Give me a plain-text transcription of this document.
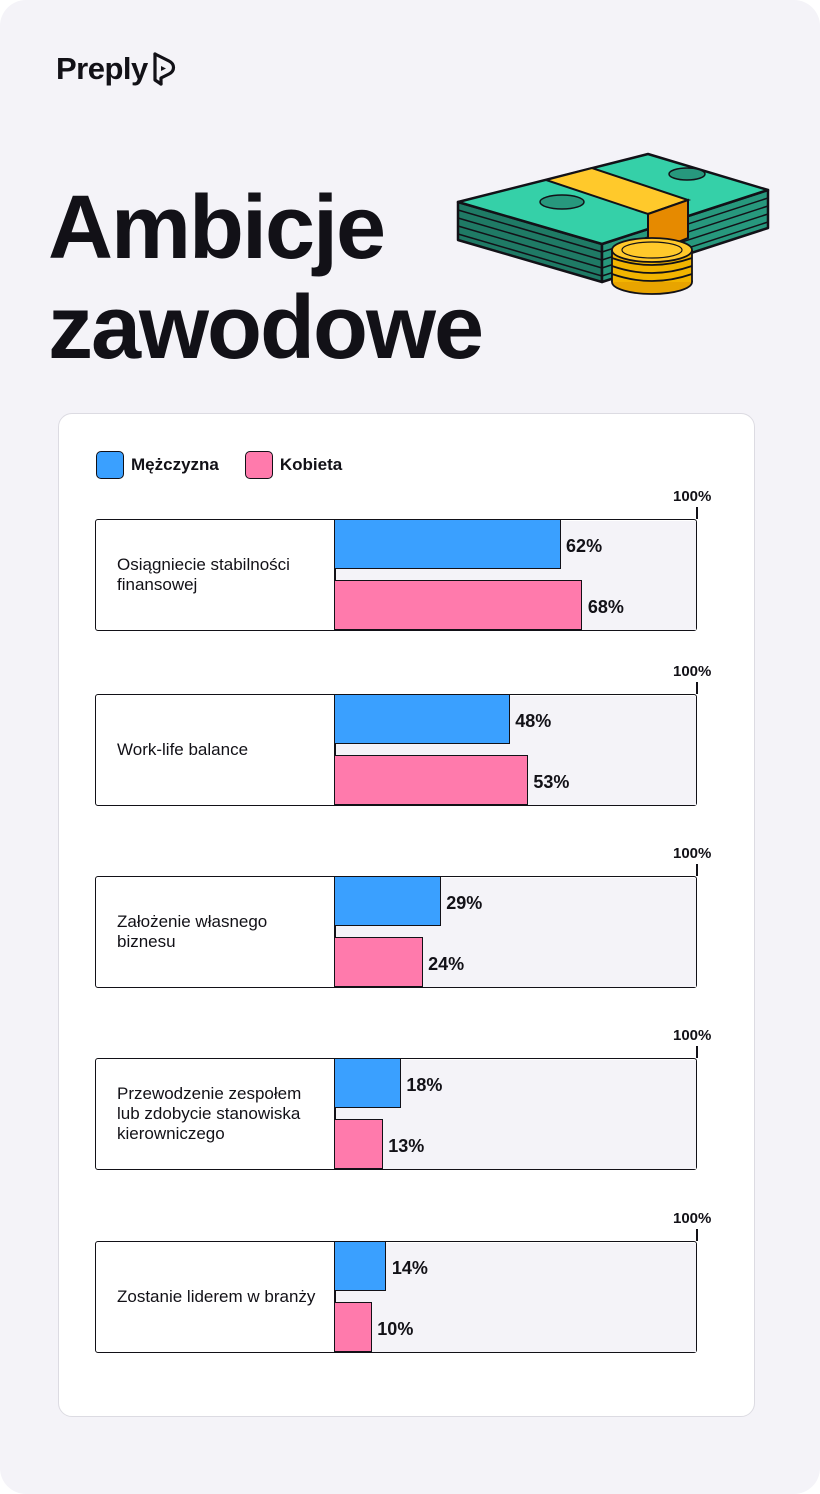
Preply
Ambicje
zawodowe
Mężczyzna	Kobieta
100%
Osiągniecie stabilności finansowej
62%
68%
100%
Work-life balance
48%
53%
100%
Założenie własnego biznesu
29%
24%
100%
Przewodzenie zespołem lub zdobycie stanowiska kierowniczego
18%
13%
100%
Zostanie liderem w branży
14%
10%
